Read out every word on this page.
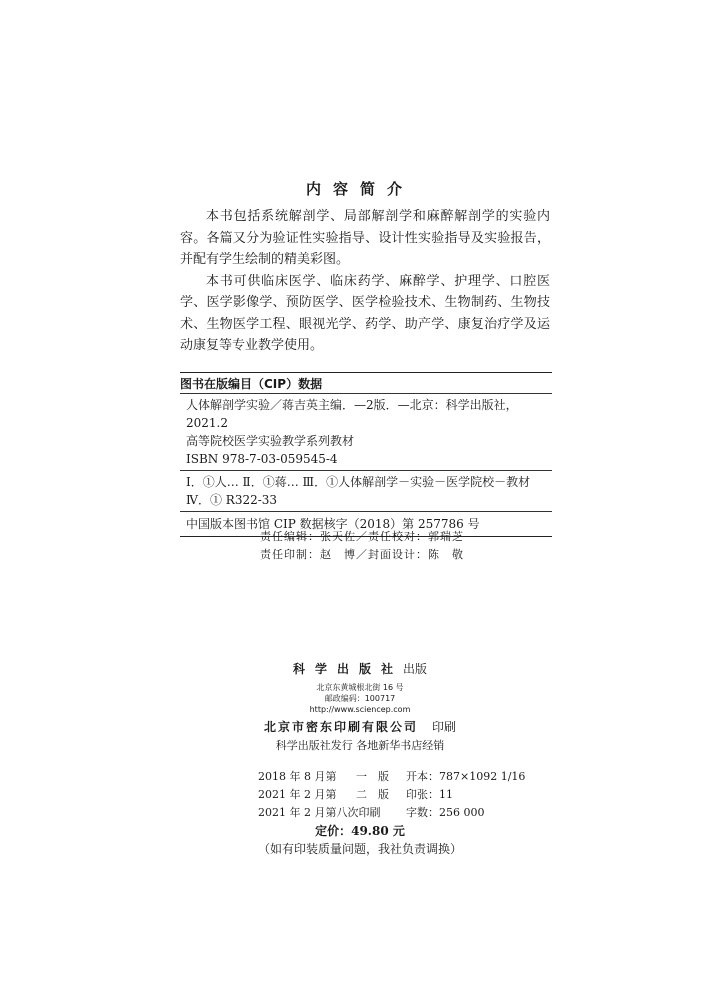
内容简介

本书包括系统解剖学、局部解剖学和麻醉解剖学的实验内容。各篇又分为验证性实验指导、设计性实验指导及实验报告，并配有学生绘制的精美彩图。

本书可供临床医学、临床药学、麻醉学、护理学、口腔医学、医学影像学、预防医学、医学检验技术、生物制药、生物技术、生物医学工程、眼视光学、药学、助产学、康复治疗学及运动康复等专业教学使用。

图书在版编目（CIP）数据
人体解剖学实验／蒋吉英主编．—2版．—北京：科学出版社，
2021.2
高等院校医学实验教学系列教材
ISBN 978-7-03-059545-4
Ⅰ．①人… Ⅱ．①蒋… Ⅲ．①人体解剖学－实验－医学院校－教材
Ⅳ．① R322-33
中国版本图书馆 CIP 数据核字（2018）第 257786 号
责任编辑：张天佐／责任校对：郭瑞芝
责任印制：赵　博／封面设计：陈　敬
科学出版社出版
北京东黄城根北街 16 号
邮政编码：100717
http://www.sciencep.com
北京市密东印刷有限公司 印刷
科学出版社发行 各地新华书店经销
2018 年 8 月第	一　版	开本：787×1092 1/16
2021 年 2 月第	二　版	印张：11
2021 年 2 月第八次印刷		字数：256 000
定价：49.80 元
（如有印装质量问题，我社负责调换）
